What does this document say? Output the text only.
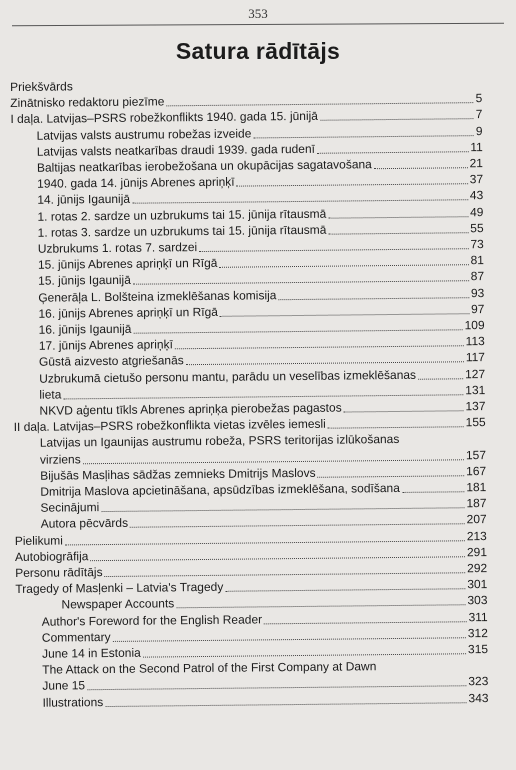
353
Satura rādītājs
Priekšvārds
Zinātnisko redaktoru piezīme	5
I daļa. Latvijas–PSRS robežkonflikts 1940. gada 15. jūnijā	7
Latvijas valsts austrumu robežas izveide	9
Latvijas valsts neatkarības draudi 1939. gada rudenī	11
Baltijas neatkarības ierobežošana un okupācijas sagatavošana	21
1940. gada 14. jūnijs Abrenes apriņķī	37
14. jūnijs Igaunijā	43
1. rotas 2. sardze un uzbrukums tai 15. jūnija rītausmā	49
1. rotas 3. sardze un uzbrukums tai 15. jūnija rītausmā	55
Uzbrukums 1. rotas 7. sardzei	73
15. jūnijs Abrenes apriņķī un Rīgā	81
15. jūnijs Igaunijā	87
Ģenerāļa L. Bolšteina izmeklēšanas komisija	93
16. jūnijs Abrenes apriņķī un Rīgā	97
16. jūnijs Igaunijā	109
17. jūnijs Abrenes apriņķī	113
Gūstā aizvesto atgriešanās	117
Uzbrukumā cietušo personu mantu, parādu un veselības izmeklēšanas	127
lieta	131
NKVD aģentu tīkls Abrenes apriņķa pierobežas pagastos	137
II daļa. Latvijas–PSRS robežkonflikta vietas izvēles iemesli	155
Latvijas un Igaunijas austrumu robeža, PSRS teritorijas izlūkošanas
virziens	157
Bijušās Masļihas sādžas zemnieks Dmitrijs Maslovs	167
Dmitrija Maslova apcietināšana, apsūdzības izmeklēšana, sodīšana	181
Secinājumi	187
Autora pēcvārds	207
Pielikumi	213
Autobiogrāfija	291
Personu rādītājs	292
Tragedy of Masļenki – Latvia's Tragedy	301
Newspaper Accounts	303
Author's Foreword for the English Reader	311
Commentary	312
June 14 in Estonia	315
The Attack on the Second Patrol of the First Company at Dawn
June 15	323
Illustrations	343
